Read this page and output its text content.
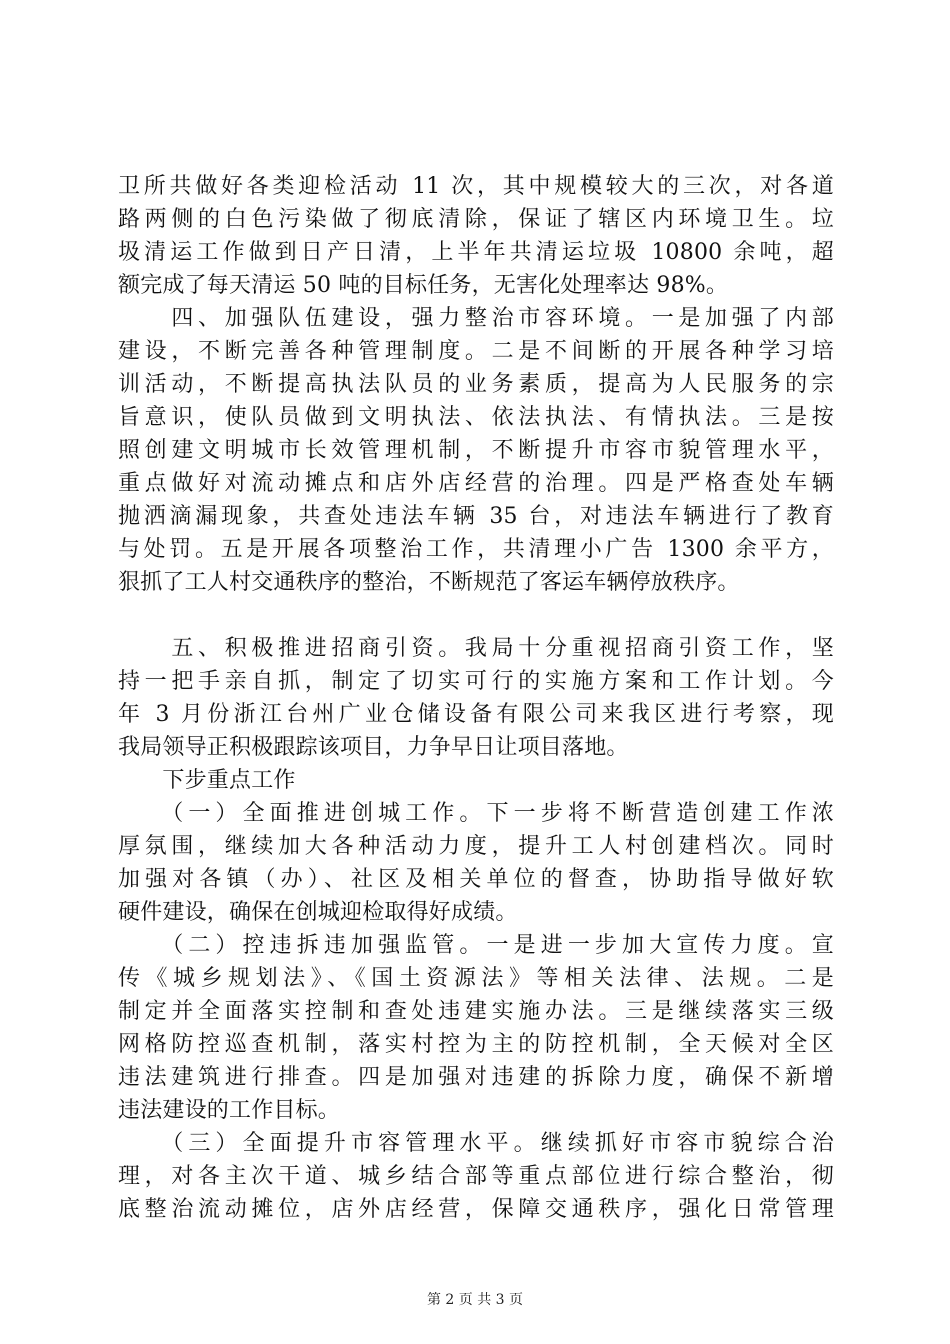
卫所共做好各类迎检活动 11 次，其中规模较大的三次，对各道
路两侧的白色污染做了彻底清除，保证了辖区内环境卫生。垃
圾清运工作做到日产日清，上半年共清运垃圾 10800 余吨，超
额完成了每天清运 50 吨的目标任务，无害化处理率达 98%。
　　四、加强队伍建设，强力整治市容环境。一是加强了内部
建设，不断完善各种管理制度。二是不间断的开展各种学习培
训活动，不断提高执法队员的业务素质，提高为人民服务的宗
旨意识，使队员做到文明执法、依法执法、有情执法。三是按
照创建文明城市长效管理机制，不断提升市容市貌管理水平，
重点做好对流动摊点和店外店经营的治理。四是严格查处车辆
抛洒滴漏现象，共查处违法车辆 35 台，对违法车辆进行了教育
与处罚。五是开展各项整治工作，共清理小广告 1300 余平方，
狠抓了工人村交通秩序的整治，不断规范了客运车辆停放秩序。
　　五、积极推进招商引资。我局十分重视招商引资工作，坚
持一把手亲自抓，制定了切实可行的实施方案和工作计划。今
年 3 月份浙江台州广业仓储设备有限公司来我区进行考察，现
我局领导正积极跟踪该项目，力争早日让项目落地。
　　下步重点工作
　　（一）全面推进创城工作。下一步将不断营造创建工作浓
厚氛围，继续加大各种活动力度，提升工人村创建档次。同时
加强对各镇（办）、社区及相关单位的督查，协助指导做好软
硬件建设，确保在创城迎检取得好成绩。
　　（二）控违拆违加强监管。一是进一步加大宣传力度。宣
传《城乡规划法》、《国土资源法》等相关法律、法规。二是
制定并全面落实控制和查处违建实施办法。三是继续落实三级
网格防控巡查机制，落实村控为主的防控机制，全天候对全区
违法建筑进行排查。四是加强对违建的拆除力度，确保不新增
违法建设的工作目标。
　　（三）全面提升市容管理水平。继续抓好市容市貌综合治
理，对各主次干道、城乡结合部等重点部位进行综合整治，彻
底整治流动摊位，店外店经营，保障交通秩序，强化日常管理
第 2 页 共 3 页
